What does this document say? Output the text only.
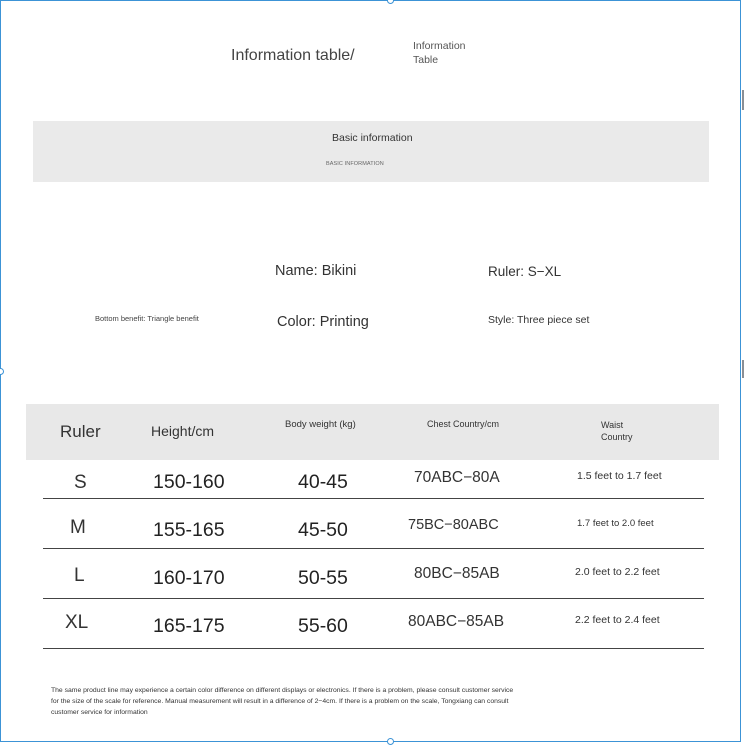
Information table/
Information
Table
Basic information
BASIC INFORMATION
Name: Bikini	Ruler: S−XL
Bottom benefit: Triangle benefit	Color: Printing	Style: Three piece set
Ruler	Height/cm	Body weight (kg)	Chest Country/cm	Waist
Country
S	150-160	40-45	70ABC−80A	1.5 feet to 1.7 feet
M	155-165	45-50	75BC−80ABC	1.7 feet to 2.0 feet
L	160-170	50-55	80BC−85AB	2.0 feet to 2.2 feet
XL	165-175	55-60	80ABC−85AB	2.2 feet to 2.4 feet
The same product line may experience a certain color difference on different displays or electronics. If there is a problem, please consult customer service
for the size of the scale for reference. Manual measurement will result in a difference of 2−4cm. If there is a problem on the scale, Tongxiang can consult
customer service for information
